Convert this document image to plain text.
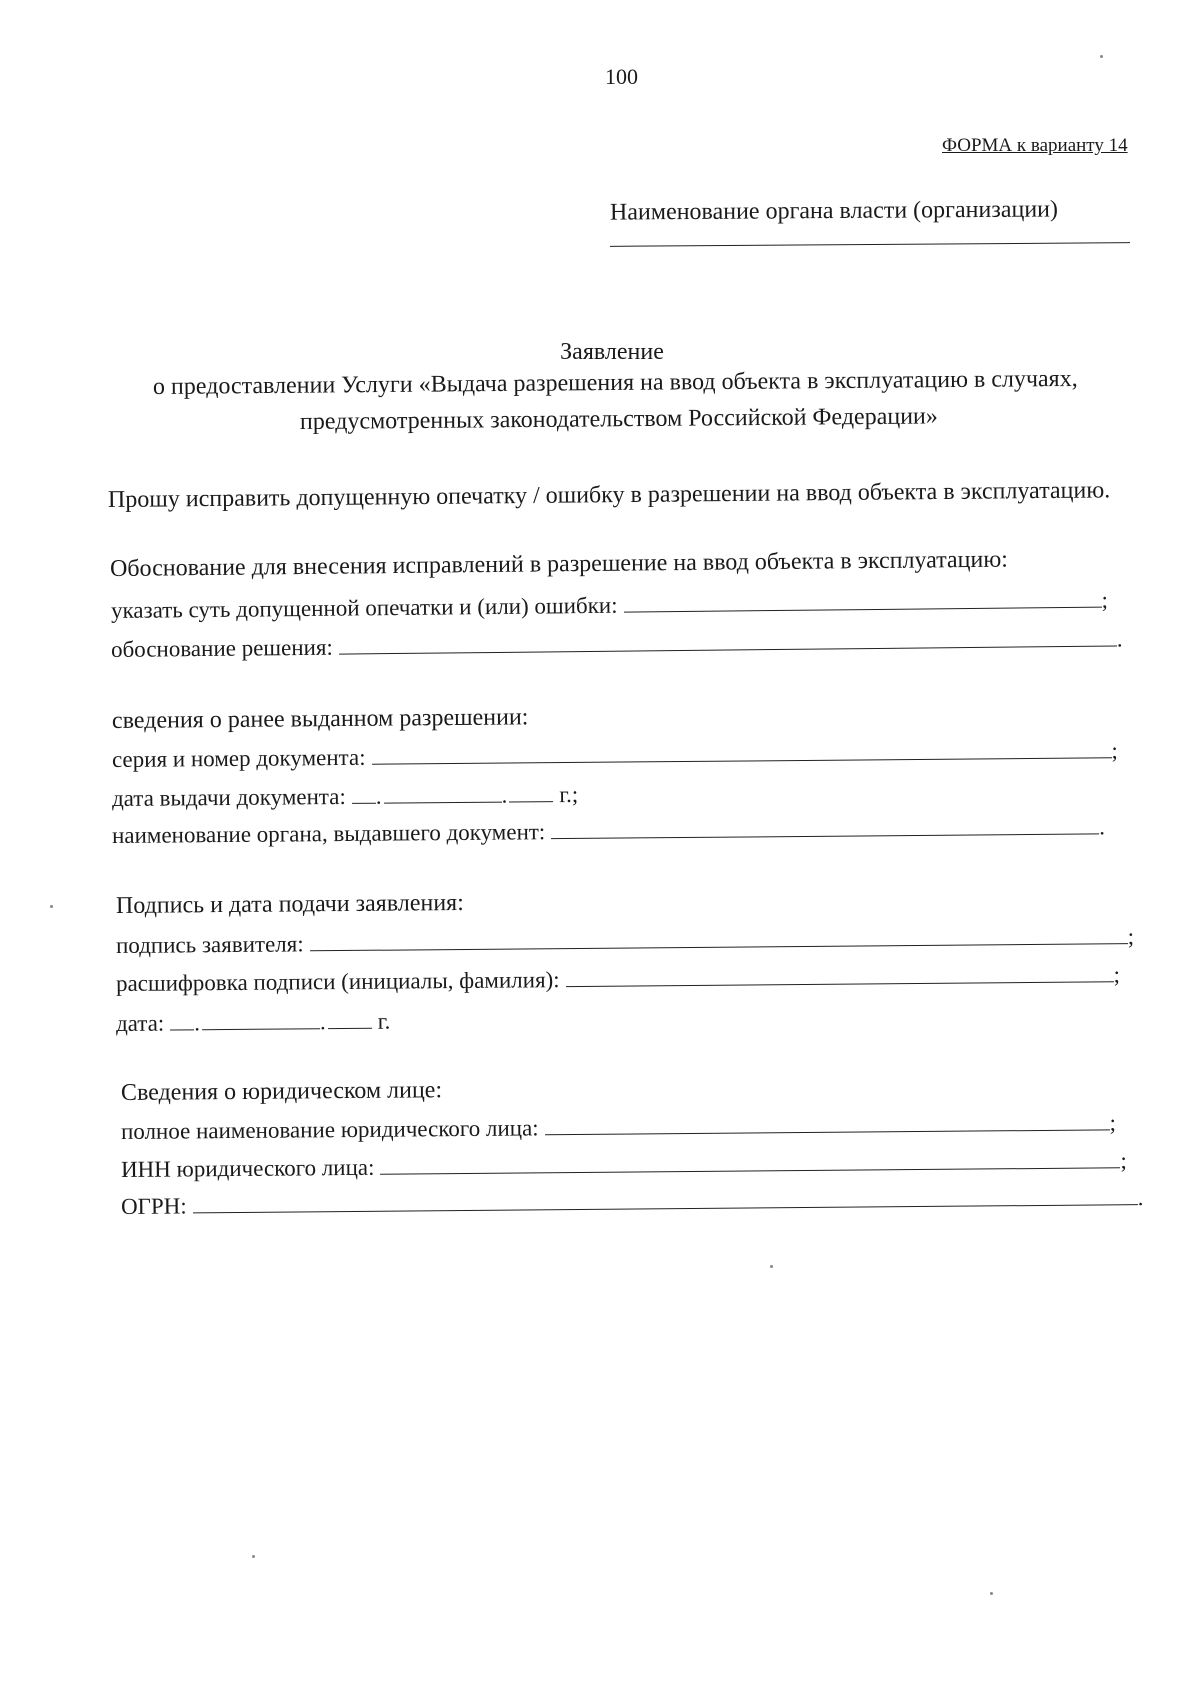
100
ФОРМА к варианту 14
Наименование органа власти (организации)
Заявление
о предоставлении Услуги «Выдача разрешения на ввод объекта в эксплуатацию в случаях,
предусмотренных законодательством Российской Федерации»
Прошу исправить допущенную опечатку / ошибку в разрешении на ввод объекта в эксплуатацию.
Обоснование для внесения исправлений в разрешение на ввод объекта в эксплуатацию:
указать суть допущенной опечатки и (или) ошибки:	;
обоснование решения:	.
сведения о ранее выданном разрешении:
серия и номер документа:	;
дата выдачи документа: .	. г.;
наименование органа, выдавшего документ:	.
Подпись и дата подачи заявления:
подпись заявителя:	;
расшифровка подписи (инициалы, фамилия):	;
дата: .	. г.
Сведения о юридическом лице:
полное наименование юридического лица:	;
ИНН юридического лица:	;
ОГРН:	.
